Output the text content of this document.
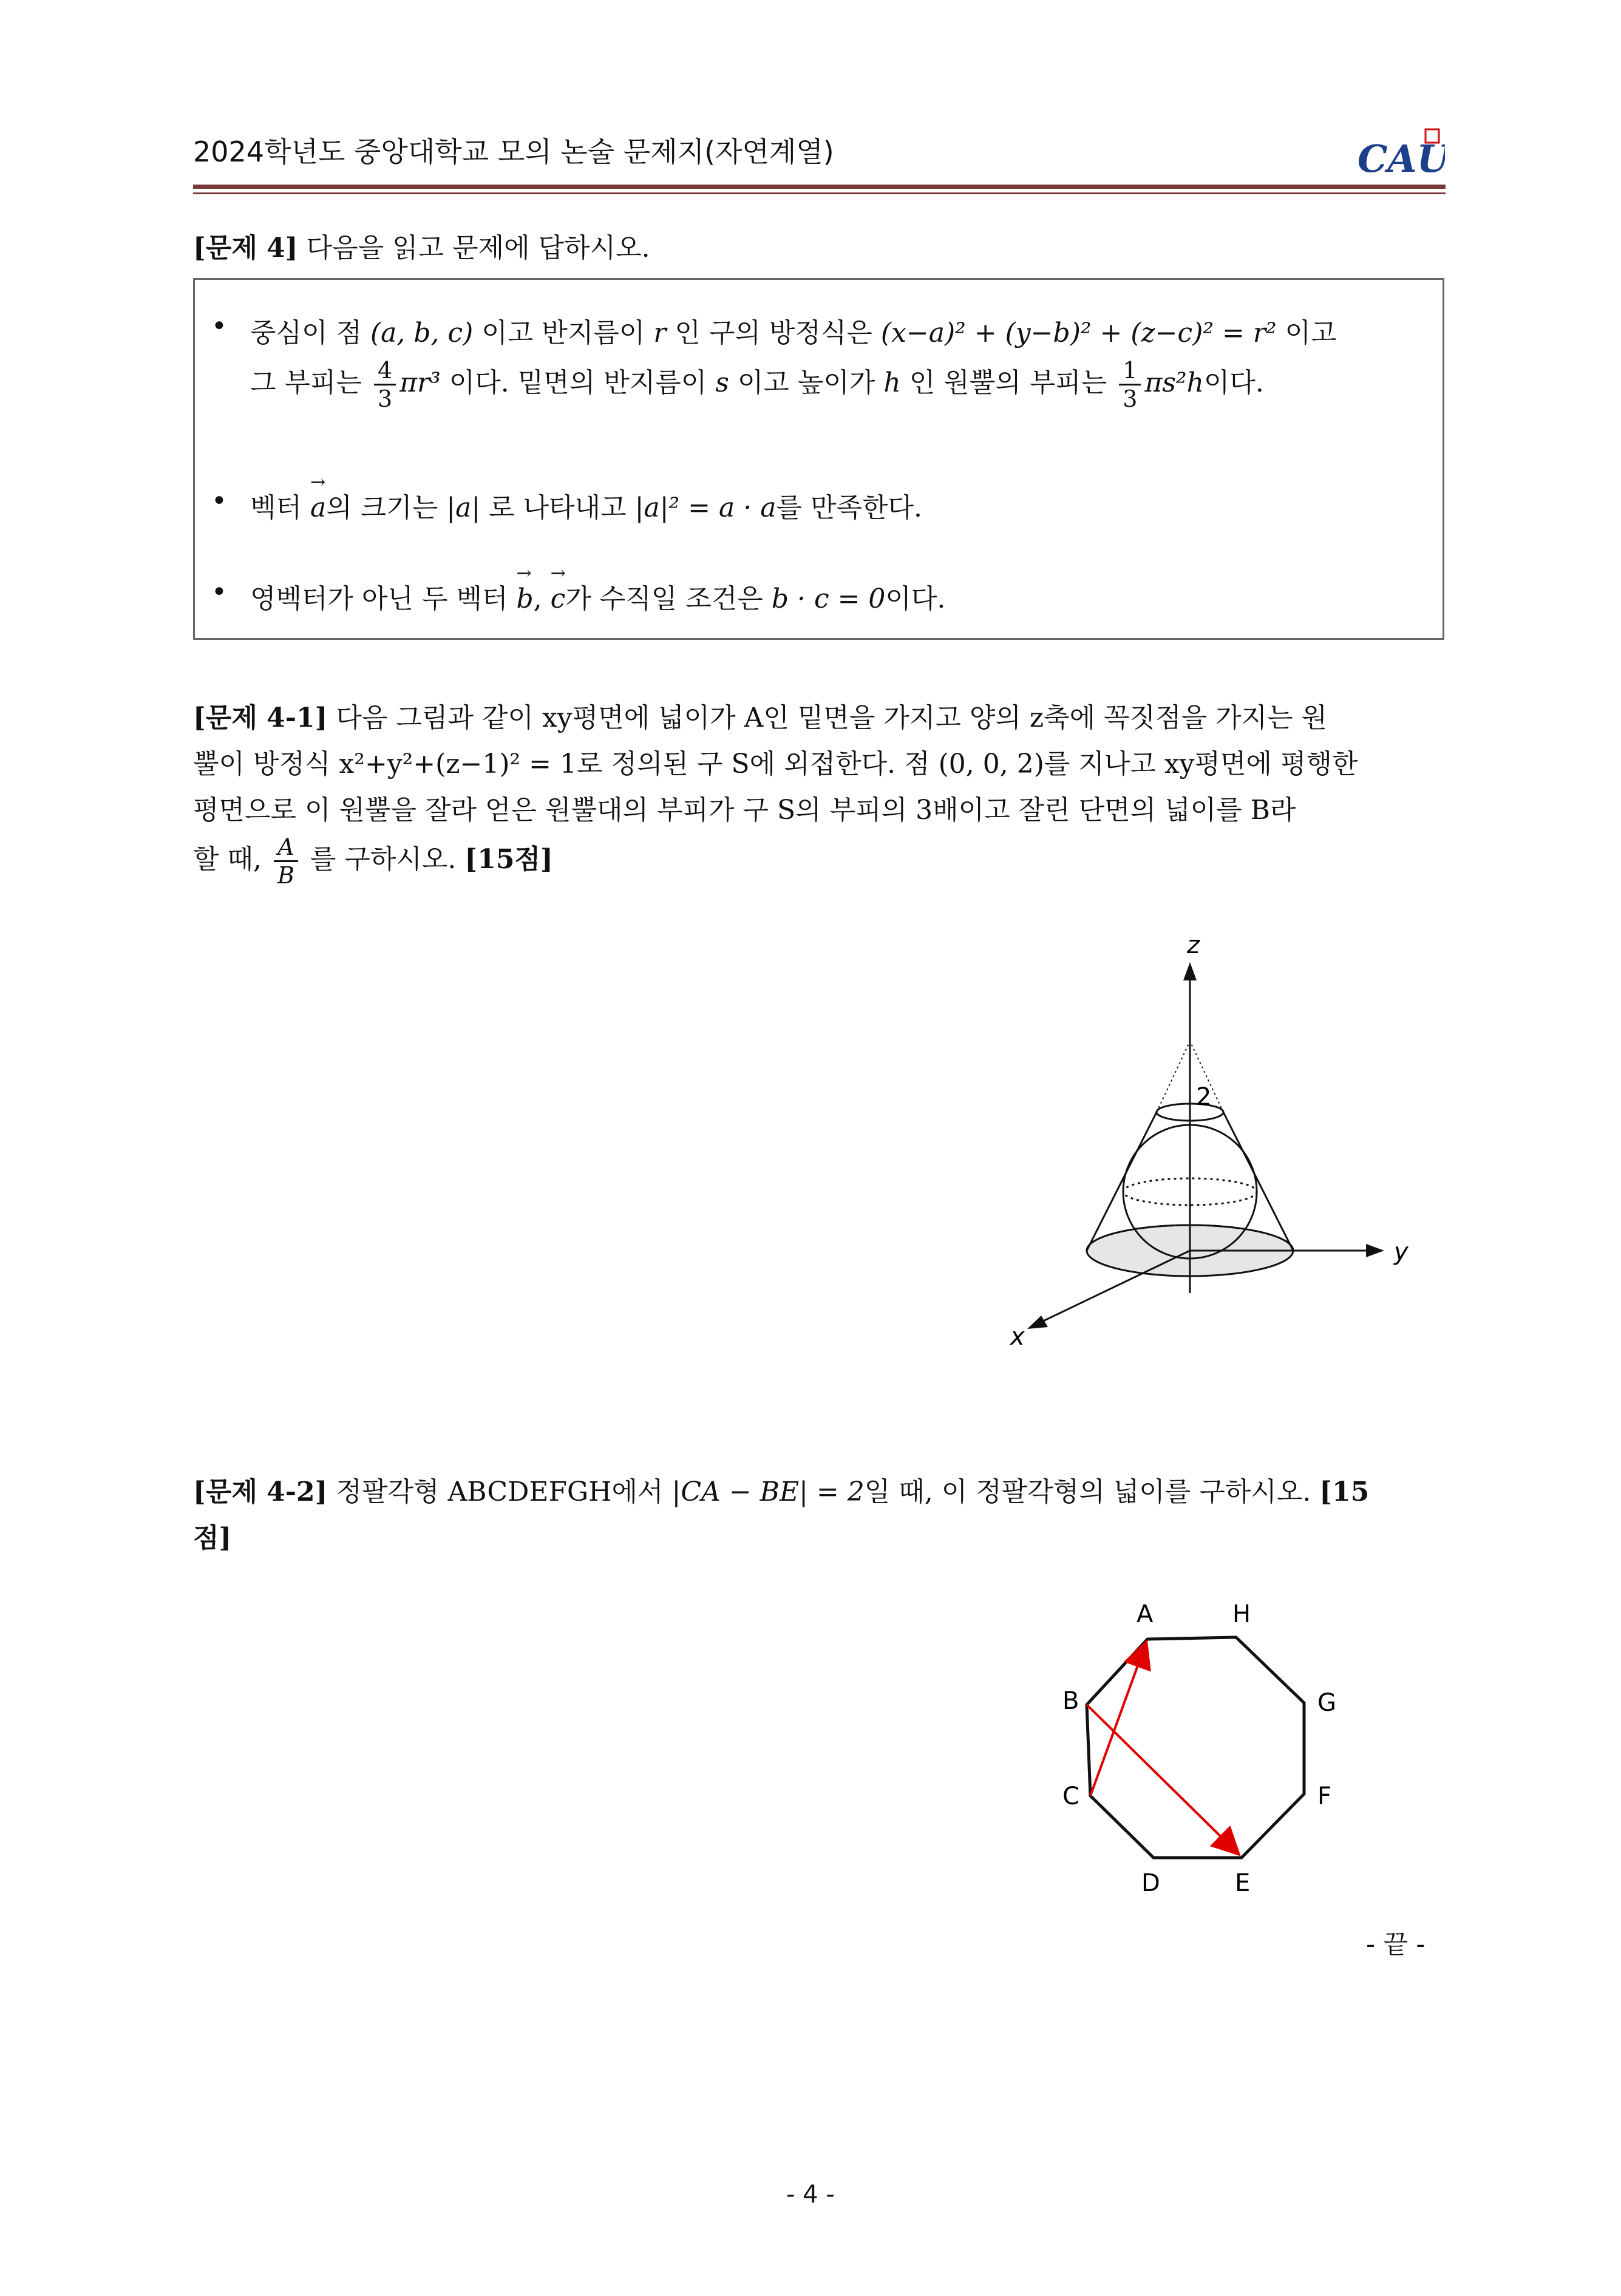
2024학년도 중앙대학교 모의 논술 문제지(자연계열)	CAU
[문제 4] 다음을 읽고 문제에 답하시오.
• 중심이 점 (a, b, c) 이고 반지름이 r 인 구의 방정식은 (x−a)² + (y−b)² + (z−c)² = r² 이고
그 부피는 $\frac{4}{3} \pi r^3$ 이다. 밑면의 반지름이 s 이고 높이가 h 인 원뿔의 부피는 $\frac{1}{3} \pi s^2h$이다.
• 벡터 → a의 크기는 |a| 로 나타내고 |a|² = a · a를 만족한다.
• 영벡터가 아닌 두 벡터 → b, → c가 수직일 조건은 b · c = 0이다.
[문제 4-1] 다음 그림과 같이 xy평면에 넓이가 A인 밑면을 가지고 양의 z축에 꼭짓점을 가지는 원
뿔이 방정식 x²+y²+(z−1)² = 1로 정의된 구 S에 외접한다. 점 (0, 0, 2)를 지나고 xy평면에 평행한
평면으로 이 원뿔을 잘라 얻은 원뿔대의 부피가 구 S의 부피의 3배이고 잘린 단면의 넓이를 B라
할 때, $\frac{A}{B}$ 를 구하시오. [15점]
z
y
x
2
[문제 4-2] 정팔각형 ABCDEFGH에서 |CA − BE| = 2일 때, 이 정팔각형의 넓이를 구하시오. [15
점]
A	H
G
F
E
D
C
B
- 끝 -
- 4 -
